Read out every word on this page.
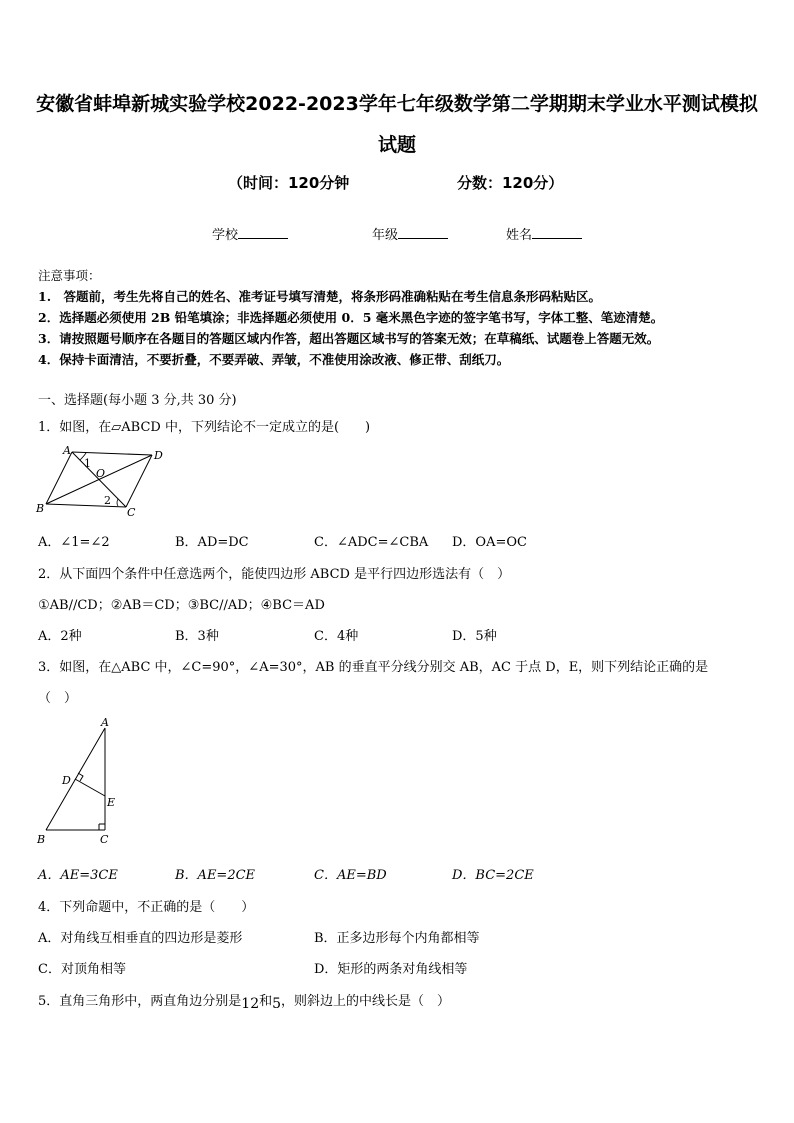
安徽省蚌埠新城实验学校2022-2023学年七年级数学第二学期期末学业水平测试模拟
试题
（时间：120分钟	分数：120分）
学校	年级	姓名
注意事项：
1.　答题前，考生先将自己的姓名、准考证号填写清楚，将条形码准确粘贴在考生信息条形码粘贴区。
2．选择题必须使用 2B 铅笔填涂；非选择题必须使用 0．5 毫米黑色字迹的签字笔书写，字体工整、笔迹清楚。
3．请按照题号顺序在各题目的答题区域内作答，超出答题区域书写的答案无效；在草稿纸、试题卷上答题无效。
4．保持卡面清洁，不要折叠，不要弄破、弄皱，不准使用涂改液、修正带、刮纸刀。
一、选择题(每小题 3 分,共 30 分)
1．如图，在▱ABCD 中，下列结论不一定成立的是(　　)
A	D
B	C
O
1
2
A．∠1=∠2	B．AD=DC	C．∠ADC=∠CBA D．OA=OC
2．从下面四个条件中任意选两个，能使四边形 ABCD 是平行四边形选法有（　）
①AB//CD；②AB＝CD；③BC//AD；④BC＝AD
A．2种	B．3种	C．4种	D．5种
3．如图，在△ABC 中，∠C=90°，∠A=30°，AB 的垂直平分线分别交 AB，AC 于点 D，E，则下列结论正确的是
（　）
A
D
E
B	C
A．AE=3CE	B．AE=2CE	C．AE=BD	D．BC=2CE
4．下列命题中，不正确的是（　　）
A．对角线互相垂直的四边形是菱形	B．正多边形每个内角都相等
C．对顶角相等	D．矩形的两条对角线相等
5．直角三角形中，两直角边分别是12和5，则斜边上的中线长是（　）
